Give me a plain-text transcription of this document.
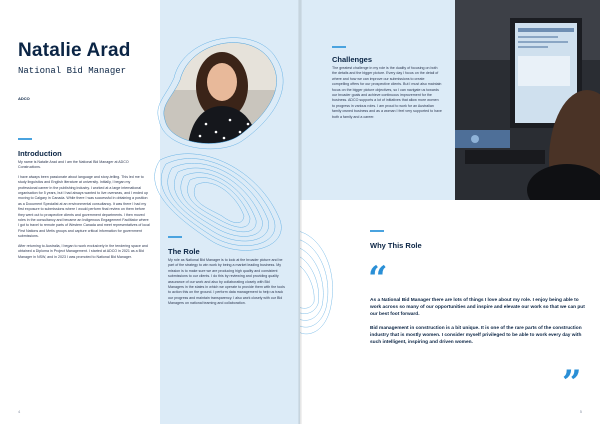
Natalie Arad
National Bid Manager
ADCO
Introduction

My name is Natalie Arad and I am the National Bid Manager at ADCO Constructions.

I have always been passionate about language and story-telling. This led me to study linguistics and English literature at university. Initially, I began my professional career in the publishing industry. I worked at a large international organisation for 5 years, but I had always wanted to live overseas, and I ended up moving to Calgary in Canada. While there I was successful in obtaining a position as a Document Specialist at an environmental consultancy. It was there I had my first exposure to submissions where I would perform final review on them before they went out to prospective clients and government departments. I then moved roles in the consultancy and became an Indigenous Engagement Facilitator where I got to travel to remote parts of Western Canada and meet representatives of local First Nations and Metis groups and capture critical information for government submissions.

After returning to Australia, I began to work exclusively in the tendering space and obtained a Diploma in Project Management. I started at ADCO in 2021 as a Bid Manager in NSW, and in 2023 I was promoted to National Bid Manager.

The Role

My role as National Bid Manager is to look at the broader picture and be part of the strategy to win work by being a market leading business. My mission is to make sure we are producing high quality and consistent submissions to our clients. I do this by reviewing and providing quality assurance of our work and also by collaborating closely with Bid Managers in the states in which we operate to provide them with the tools to action this on the ground. I perform data management to help us track our progress and maintain transparency. I also work closely with our Bid Managers on national teaming and collaboration.

4
Challenges

The greatest challenge in my role is the duality of focusing on both the details and the bigger picture. Every day I focus on the detail of where and how we can improve our submissions to create compelling offers for our prospective clients. But I must also maintain focus on the bigger picture objectives, so I can navigate us towards our broader goals and achieve continuous improvement for the business. ADCO supports a lot of initiatives that allow more women to progress in various roles. I am proud to work for an Australian family owned business and as a woman I feel very supported to have both a family and a career.

Why This Role
“

As a National Bid Manager there are lots of things I love about my role. I enjoy being able to work across so many of our opportunities and inspire and elevate our work so that we can put our best foot forward.

Bid management in construction is a bit unique. It is one of the rare parts of the construction industry that is mostly women. I consider myself privileged to be able to work every day with such intelligent, inspiring and driven women.

”
5
